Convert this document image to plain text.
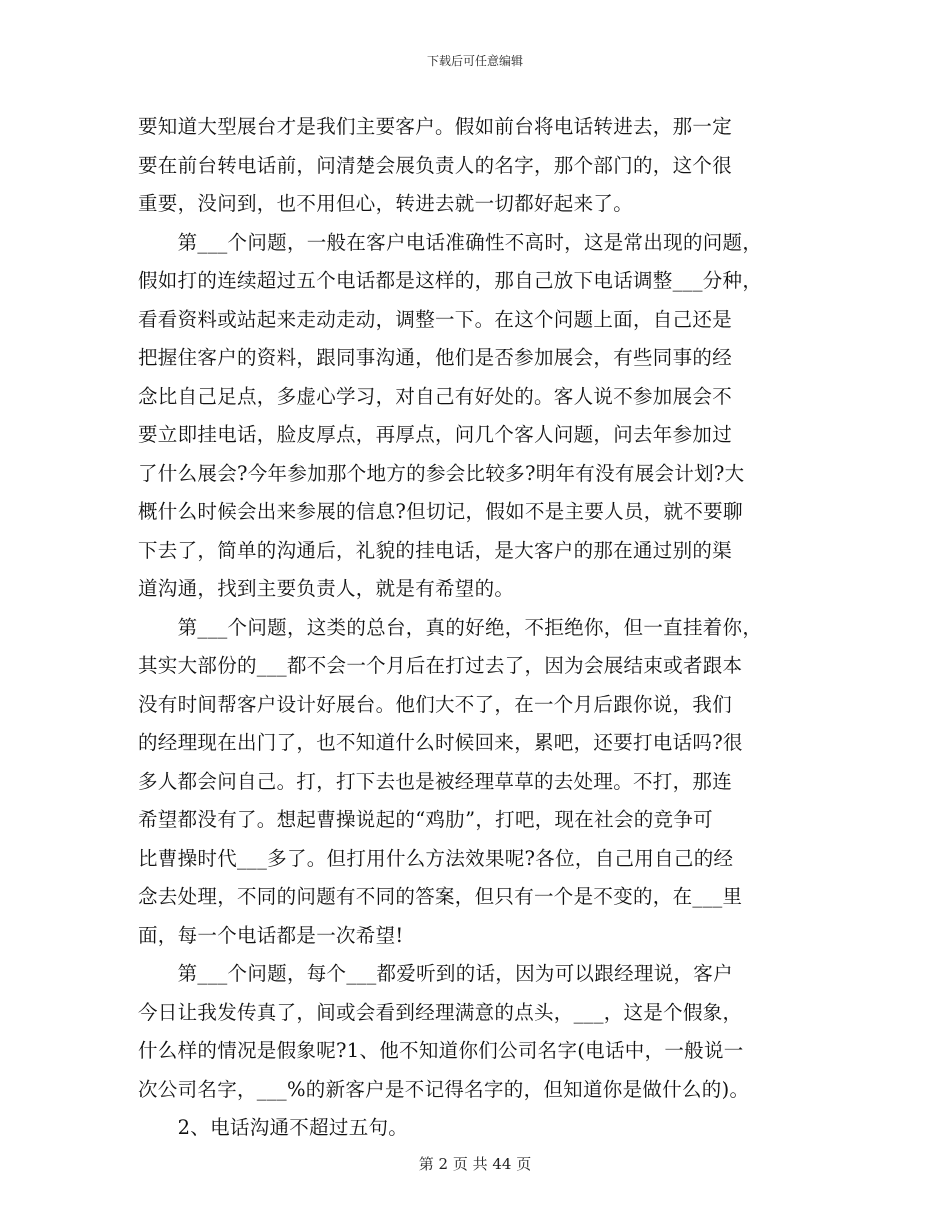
下载后可任意编辑
要知道大型展台才是我们主要客户。假如前台将电话转进去，那一定
要在前台转电话前，问清楚会展负责人的名字，那个部门的，这个很
重要，没问到，也不用但心，转进去就一切都好起来了。
　　第___个问题，一般在客户电话准确性不高时，这是常出现的问题，
假如打的连续超过五个电话都是这样的，那自己放下电话调整___分种，
看看资料或站起来走动走动，调整一下。在这个问题上面，自己还是
把握住客户的资料，跟同事沟通，他们是否参加展会，有些同事的经
念比自己足点，多虚心学习，对自己有好处的。客人说不参加展会不
要立即挂电话，脸皮厚点，再厚点，问几个客人问题，问去年参加过
了什么展会?今年参加那个地方的参会比较多?明年有没有展会计划?大
概什么时候会出来参展的信息?但切记，假如不是主要人员，就不要聊
下去了，简单的沟通后，礼貌的挂电话，是大客户的那在通过别的渠
道沟通，找到主要负责人，就是有希望的。
　　第___个问题，这类的总台，真的好绝，不拒绝你，但一直挂着你，
其实大部份的___都不会一个月后在打过去了，因为会展结束或者跟本
没有时间帮客户设计好展台。他们大不了，在一个月后跟你说，我们
的经理现在出门了，也不知道什么时候回来，累吧，还要打电话吗?很
多人都会问自己。打，打下去也是被经理草草的去处理。不打，那连
希望都没有了。想起曹操说起的“鸡肋”，打吧，现在社会的竞争可
比曹操时代___多了。但打用什么方法效果呢?各位，自己用自己的经
念去处理，不同的问题有不同的答案，但只有一个是不变的，在___里
面，每一个电话都是一次希望!
　　第___个问题，每个___都爱听到的话，因为可以跟经理说，客户
今日让我发传真了，间或会看到经理满意的点头，___，这是个假象，
什么样的情况是假象呢?1、他不知道你们公司名字(电话中，一般说一
次公司名字，___%的新客户是不记得名字的，但知道你是做什么的)。
　　2、电话沟通不超过五句。
第 2 页 共 44 页
